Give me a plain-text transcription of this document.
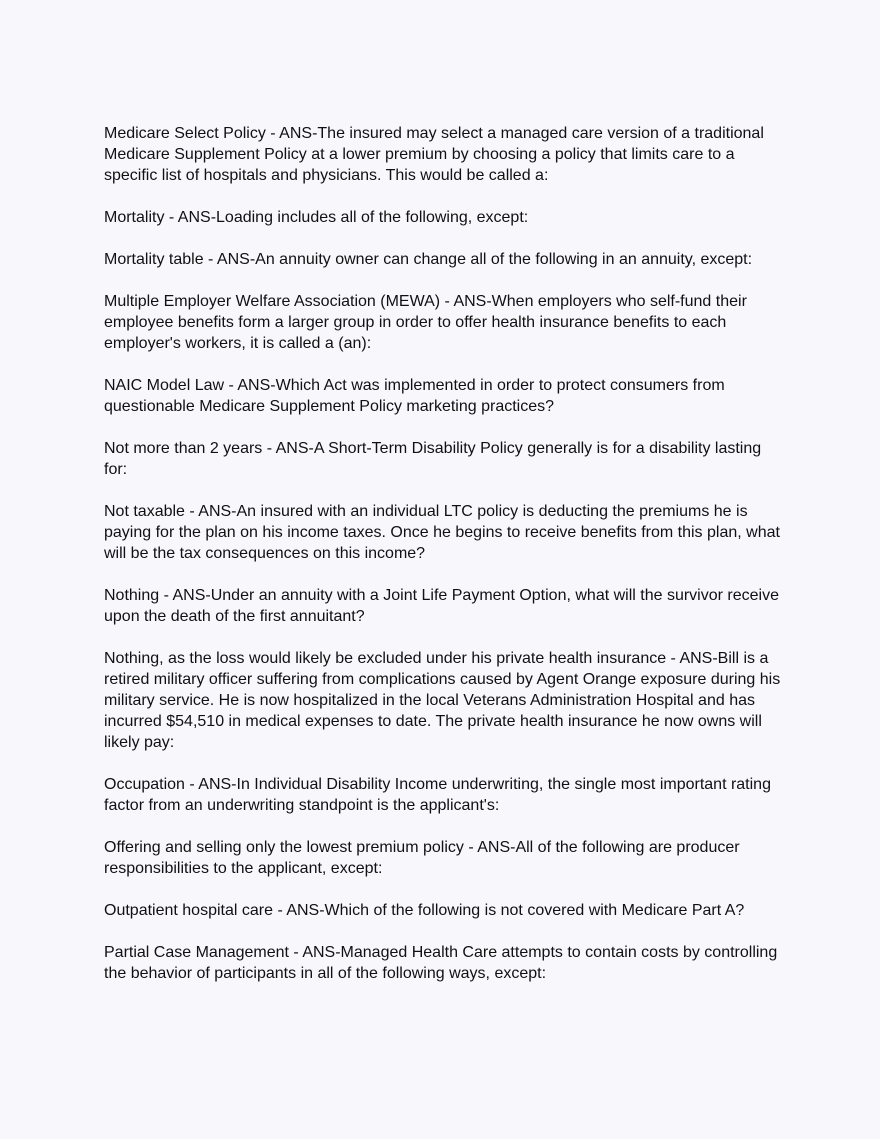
Medicare Select Policy - ANS-The insured may select a managed care version of a traditional
Medicare Supplement Policy at a lower premium by choosing a policy that limits care to a
specific list of hospitals and physicians. This would be called a:

Mortality - ANS-Loading includes all of the following, except:

Mortality table - ANS-An annuity owner can change all of the following in an annuity, except:

Multiple Employer Welfare Association (MEWA) - ANS-When employers who self-fund their
employee benefits form a larger group in order to offer health insurance benefits to each
employer's workers, it is called a (an):

NAIC Model Law - ANS-Which Act was implemented in order to protect consumers from
questionable Medicare Supplement Policy marketing practices?

Not more than 2 years - ANS-A Short-Term Disability Policy generally is for a disability lasting
for:

Not taxable - ANS-An insured with an individual LTC policy is deducting the premiums he is
paying for the plan on his income taxes. Once he begins to receive benefits from this plan, what
will be the tax consequences on this income?

Nothing - ANS-Under an annuity with a Joint Life Payment Option, what will the survivor receive
upon the death of the first annuitant?

Nothing, as the loss would likely be excluded under his private health insurance - ANS-Bill is a
retired military officer suffering from complications caused by Agent Orange exposure during his
military service. He is now hospitalized in the local Veterans Administration Hospital and has
incurred $54,510 in medical expenses to date. The private health insurance he now owns will
likely pay:

Occupation - ANS-In Individual Disability Income underwriting, the single most important rating
factor from an underwriting standpoint is the applicant's:

Offering and selling only the lowest premium policy - ANS-All of the following are producer
responsibilities to the applicant, except:

Outpatient hospital care - ANS-Which of the following is not covered with Medicare Part A?

Partial Case Management - ANS-Managed Health Care attempts to contain costs by controlling
the behavior of participants in all of the following ways, except:
